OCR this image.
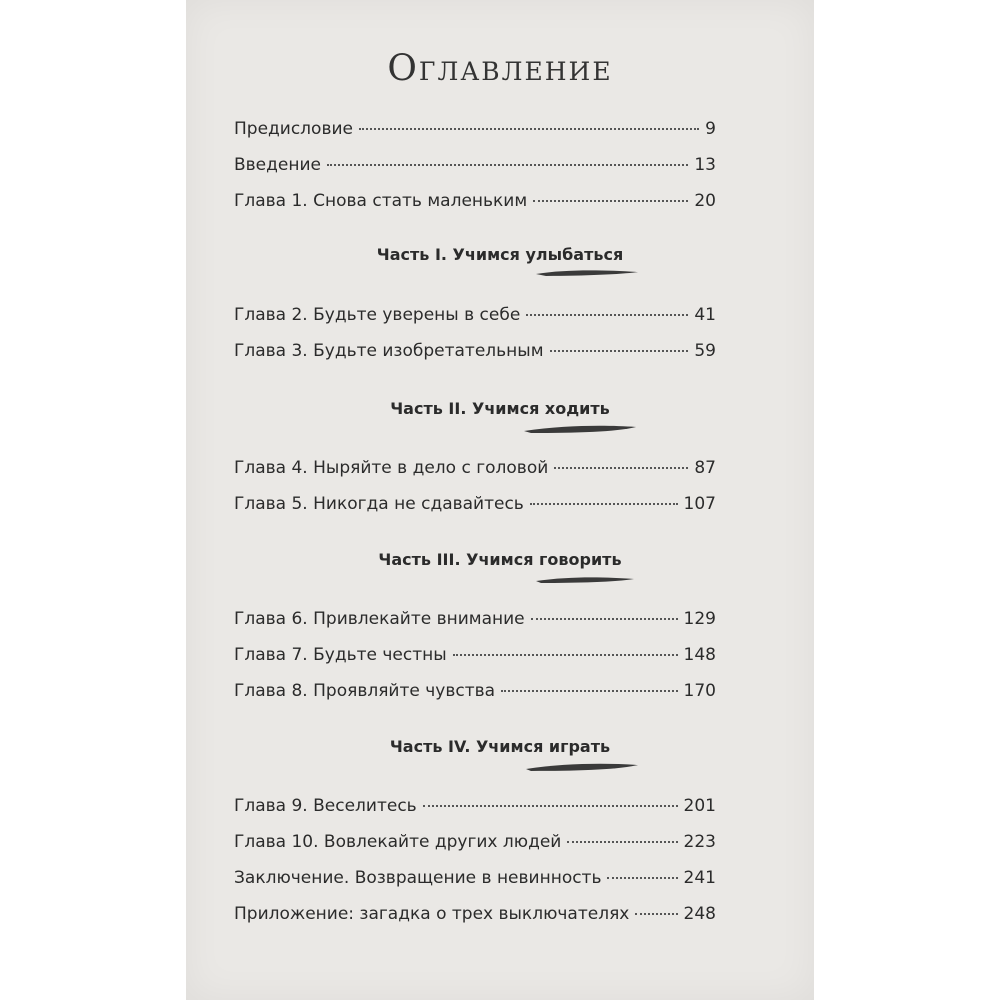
Оглавление
Предисловие	9
Введение	13
Глава 1. Снова стать маленьким	20
Часть I. Учимся улыбаться
Глава 2. Будьте уверены в себе	41
Глава 3. Будьте изобретательным	59
Часть II. Учимся ходить
Глава 4. Ныряйте в дело с головой	87
Глава 5. Никогда не сдавайтесь	107
Часть III. Учимся говорить
Глава 6. Привлекайте внимание	129
Глава 7. Будьте честны	148
Глава 8. Проявляйте чувства	170
Часть IV. Учимся играть
Глава 9. Веселитесь	201
Глава 10. Вовлекайте других людей	223
Заключение. Возвращение в невинность	241
Приложение: загадка о трех выключателях	248
